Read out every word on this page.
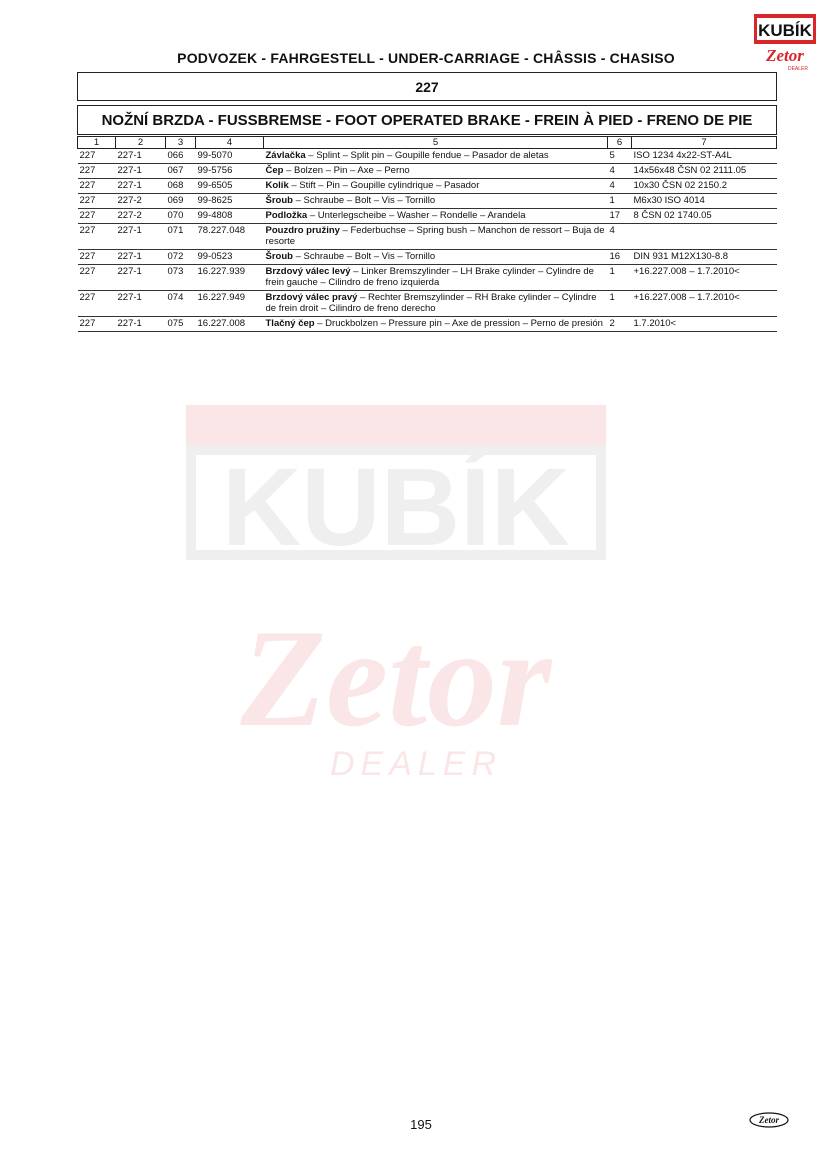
KUBÍK
Zetor
DEALER
PODVOZEK - FAHRGESTELL - UNDER-CARRIAGE - CHÂSSIS - CHASISO
227
NOŽNÍ BRZDA - FUSSBREMSE - FOOT OPERATED BRAKE - FREIN À PIED - FRENO DE PIE
KUBÍK
Zetor
DEALER
1	2	3	4	5	6	7
227	227-1	066	99-5070	Závlačka – Splint – Split pin – Goupille fendue – Pasador de aletas	5	ISO 1234 4x22-ST-A4L
227	227-1	067	99-5756	Čep – Bolzen – Pin – Axe – Perno	4	14x56x48 ČSN 02 2111.05
227	227-1	068	99-6505	Kolík – Stift – Pin – Goupille cylindrique – Pasador	4	10x30 ČSN 02 2150.2
227	227-2	069	99-8625	Šroub – Schraube – Bolt – Vis – Tornillo	1	M6x30 ISO 4014
227	227-2	070	99-4808	Podložka – Unterlegscheibe – Washer – Rondelle – Arandela	17	8 ČSN 02 1740.05
227	227-1	071	78.227.048	Pouzdro pružiny – Federbuchse – Spring bush – Manchon de ressort – Buja de resorte	4	
227	227-1	072	99-0523	Šroub – Schraube – Bolt – Vis – Tornillo	16	DIN 931 M12X130-8.8
227	227-1	073	16.227.939	Brzdový válec levý – Linker Bremszylinder – LH Brake cylinder – Cylindre de frein gauche – Cilindro de freno izquierda	1	+16.227.008 – 1.7.2010<
227	227-1	074	16.227.949	Brzdový válec pravý – Rechter Bremszylinder – RH Brake cylinder – Cylindre de frein droit – Cilindro de freno derecho	1	+16.227.008 – 1.7.2010<
227	227-1	075	16.227.008	Tlačný čep – Druckbolzen – Pressure pin – Axe de pression – Perno de presión	2	1.7.2010<
195	Zetor
